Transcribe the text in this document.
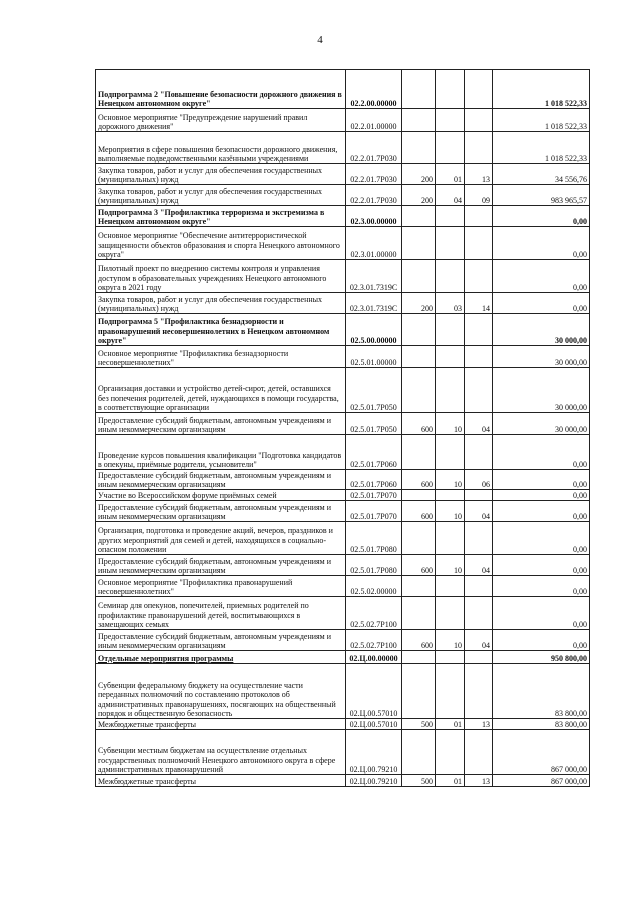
4
Подпрограмма 2 "Повышение безопасности дорожного движения в Ненецком автономном округе"	02.2.00.00000				1 018 522,33
Основное мероприятие "Предупреждение нарушений правил дорожного движения"	02.2.01.00000				1 018 522,33
Мероприятия в сфере повышения безопасности дорожного движения, выполняемые подведомственными казёнными учреждениями	02.2.01.7Р030				1 018 522,33
Закупка товаров, работ и услуг для обеспечения государственных (муниципальных) нужд	02.2.01.7Р030	200	01	13	34 556,76
Закупка товаров, работ и услуг для обеспечения государственных (муниципальных) нужд	02.2.01.7Р030	200	04	09	983 965,57
Подпрограмма 3 "Профилактика терроризма и экстремизма в Ненецком автономном округе"	02.3.00.00000				0,00
Основное мероприятие "Обеспечение антитеррористической защищенности объектов образования и спорта Ненецкого автономного округа"	02.3.01.00000				0,00
Пилотный проект по внедрению системы контроля и управления доступом в образовательных учреждениях Ненецкого автономного округа в 2021 году	02.3.01.7319С				0,00
Закупка товаров, работ и услуг для обеспечения государственных (муниципальных) нужд	02.3.01.7319С	200	03	14	0,00
Подпрограмма 5 "Профилактика безнадзорности и правонарушений несовершеннолетних в Ненецком автономном округе"	02.5.00.00000				30 000,00
Основное мероприятие "Профилактика безнадзорности несовершеннолетних"	02.5.01.00000				30 000,00
Организация доставки и устройство детей-сирот, детей, оставшихся без попечения родителей, детей, нуждающихся в помощи государства, в соответствующие организации	02.5.01.7Р050				30 000,00
Предоставление субсидий бюджетным, автономным учреждениям и иным некоммерческим организациям	02.5.01.7Р050	600	10	04	30 000,00
Проведение курсов повышения квалификации "Подготовка кандидатов в опекуны, приёмные родители, усыновители"	02.5.01.7Р060				0,00
Предоставление субсидий бюджетным, автономным учреждениям и иным некоммерческим организациям	02.5.01.7Р060	600	10	06	0,00
Участие во Всероссийском форуме приёмных семей	02.5.01.7Р070				0,00
Предоставление субсидий бюджетным, автономным учреждениям и иным некоммерческим организациям	02.5.01.7Р070	600	10	04	0,00
Организация, подготовка и проведение акций, вечеров, праздников и других мероприятий для семей и детей, находящихся в социально-опасном положении	02.5.01.7Р080				0,00
Предоставление субсидий бюджетным, автономным учреждениям и иным некоммерческим организациям	02.5.01.7Р080	600	10	04	0,00
Основное мероприятие "Профилактика правонарушений несовершеннолетних"	02.5.02.00000				0,00
Семинар для опекунов, попечителей, приемных родителей по профилактике правонарушений детей, воспитывающихся в замещающих семьях	02.5.02.7Р100				0,00
Предоставление субсидий бюджетным, автономным учреждениям и иным некоммерческим организациям	02.5.02.7Р100	600	10	04	0,00
Отдельные мероприятия программы	02.Ц.00.00000				950 800,00
Субвенции федеральному бюджету на осуществление части переданных полномочий по составлению протоколов об административных правонарушениях, посягающих на общественный порядок и общественную безопасность	02.Ц.00.57010				83 800,00
Межбюджетные трансферты	02.Ц.00.57010	500	01	13	83 800,00
Субвенции местным бюджетам на осуществление отдельных государственных полномочий Ненецкого автономного округа в сфере административных правонарушений	02.Ц.00.79210				867 000,00
Межбюджетные трансферты	02.Ц.00.79210	500	01	13	867 000,00
